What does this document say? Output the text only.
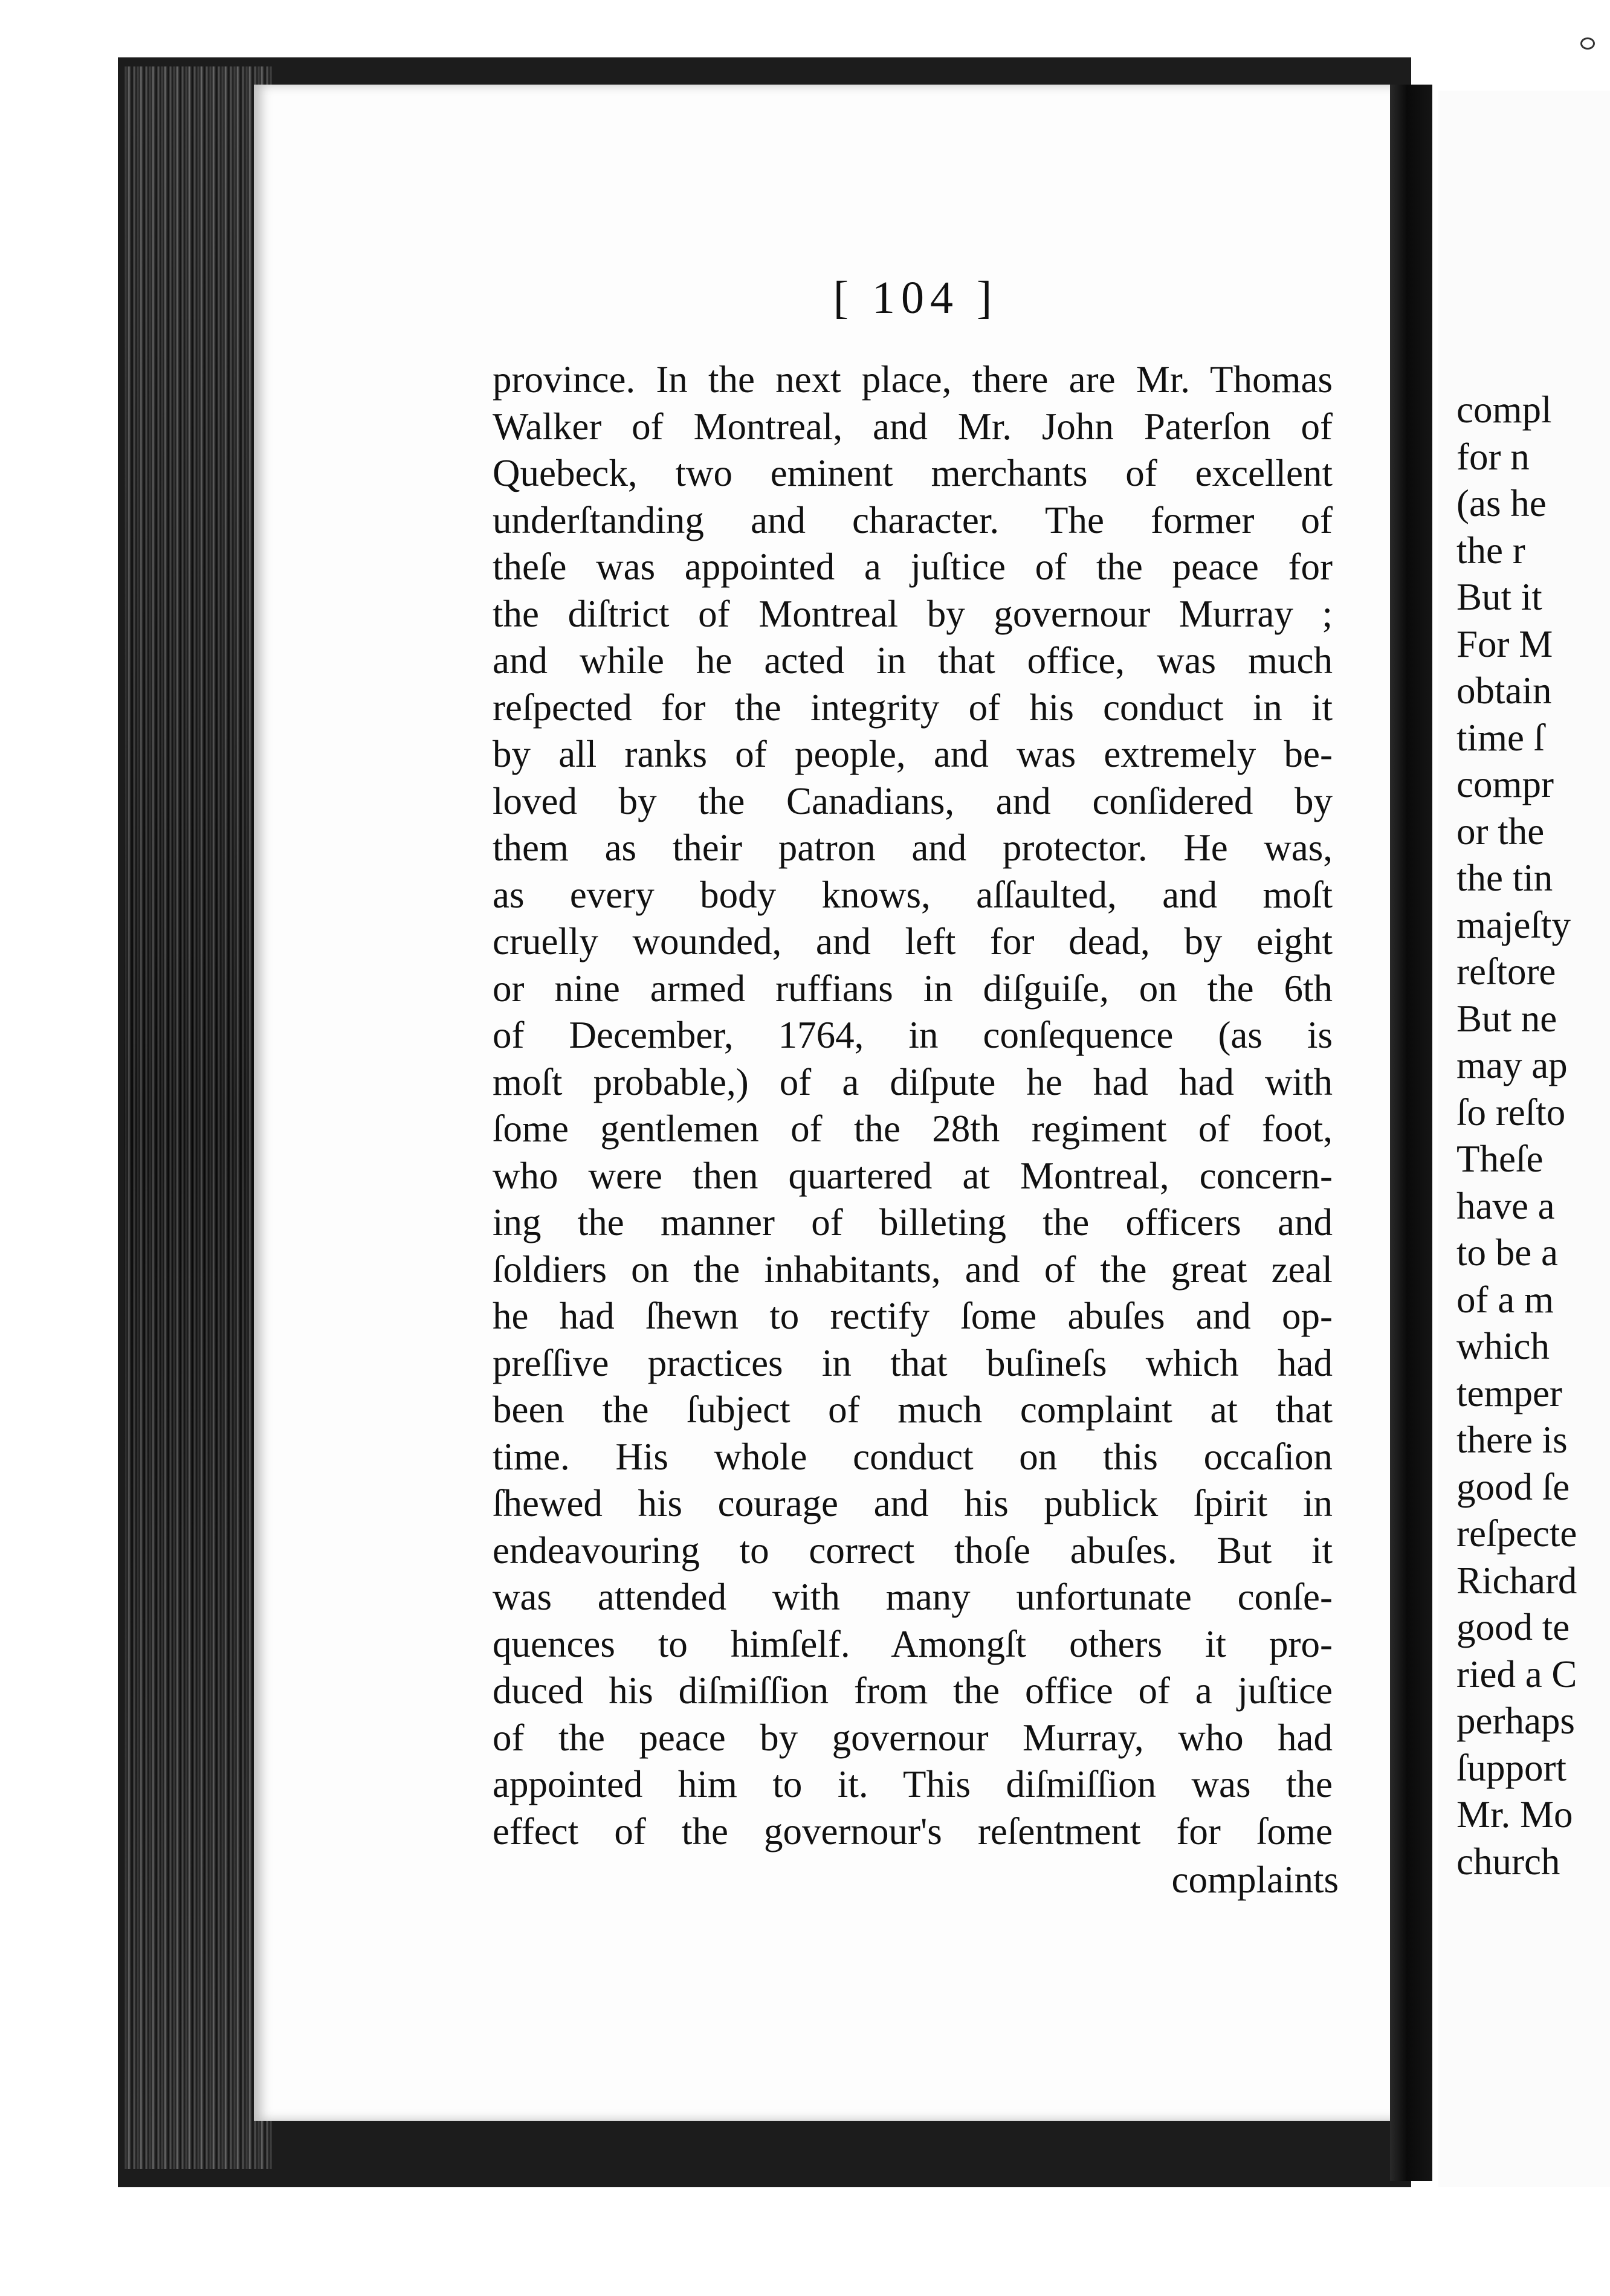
compl
for n
(as he
the r
But it
For M
obtain
time ſ
compr
or the
the tin
majeſty
reſtore
But ne
may ap
ſo reſto
Theſe
have a
to be a
of a m
which
temper
there is
good ſe
reſpecte
Richard
good te
ried a C
perhaps
ſupport
Mr. Mo
church
[ 104 ]
province. In the next place, there are Mr. Thomas
Walker of Montreal, and Mr. John Paterſon of
Quebeck, two eminent merchants of excellent
underſtanding and character. The former of
theſe was appointed a juſtice of the peace for
the diſtrict of Montreal by governour Murray ;
and while he acted in that office, was much
reſpected for the integrity of his conduct in it
by all ranks of people, and was extremely be-
loved by the Canadians, and conſidered by
them as their patron and protector. He was,
as every body knows, aſſaulted, and moſt
cruelly wounded, and left for dead, by eight
or nine armed ruffians in diſguiſe, on the 6th
of December, 1764, in conſequence (as is
moſt probable,) of a diſpute he had had with
ſome gentlemen of the 28th regiment of foot,
who were then quartered at Montreal, concern-
ing the manner of billeting the officers and
ſoldiers on the inhabitants, and of the great zeal
he had ſhewn to rectify ſome abuſes and op-
preſſive practices in that buſineſs which had
been the ſubject of much complaint at that
time. His whole conduct on this occaſion
ſhewed his courage and his publick ſpirit in
endeavouring to correct thoſe abuſes. But it
was attended with many unfortunate conſe-
quences to himſelf. Amongſt others it pro-
duced his diſmiſſion from the office of a juſtice
of the peace by governour Murray, who had
appointed him to it. This diſmiſſion was the
effect of the governour's reſentment for ſome
complaints
